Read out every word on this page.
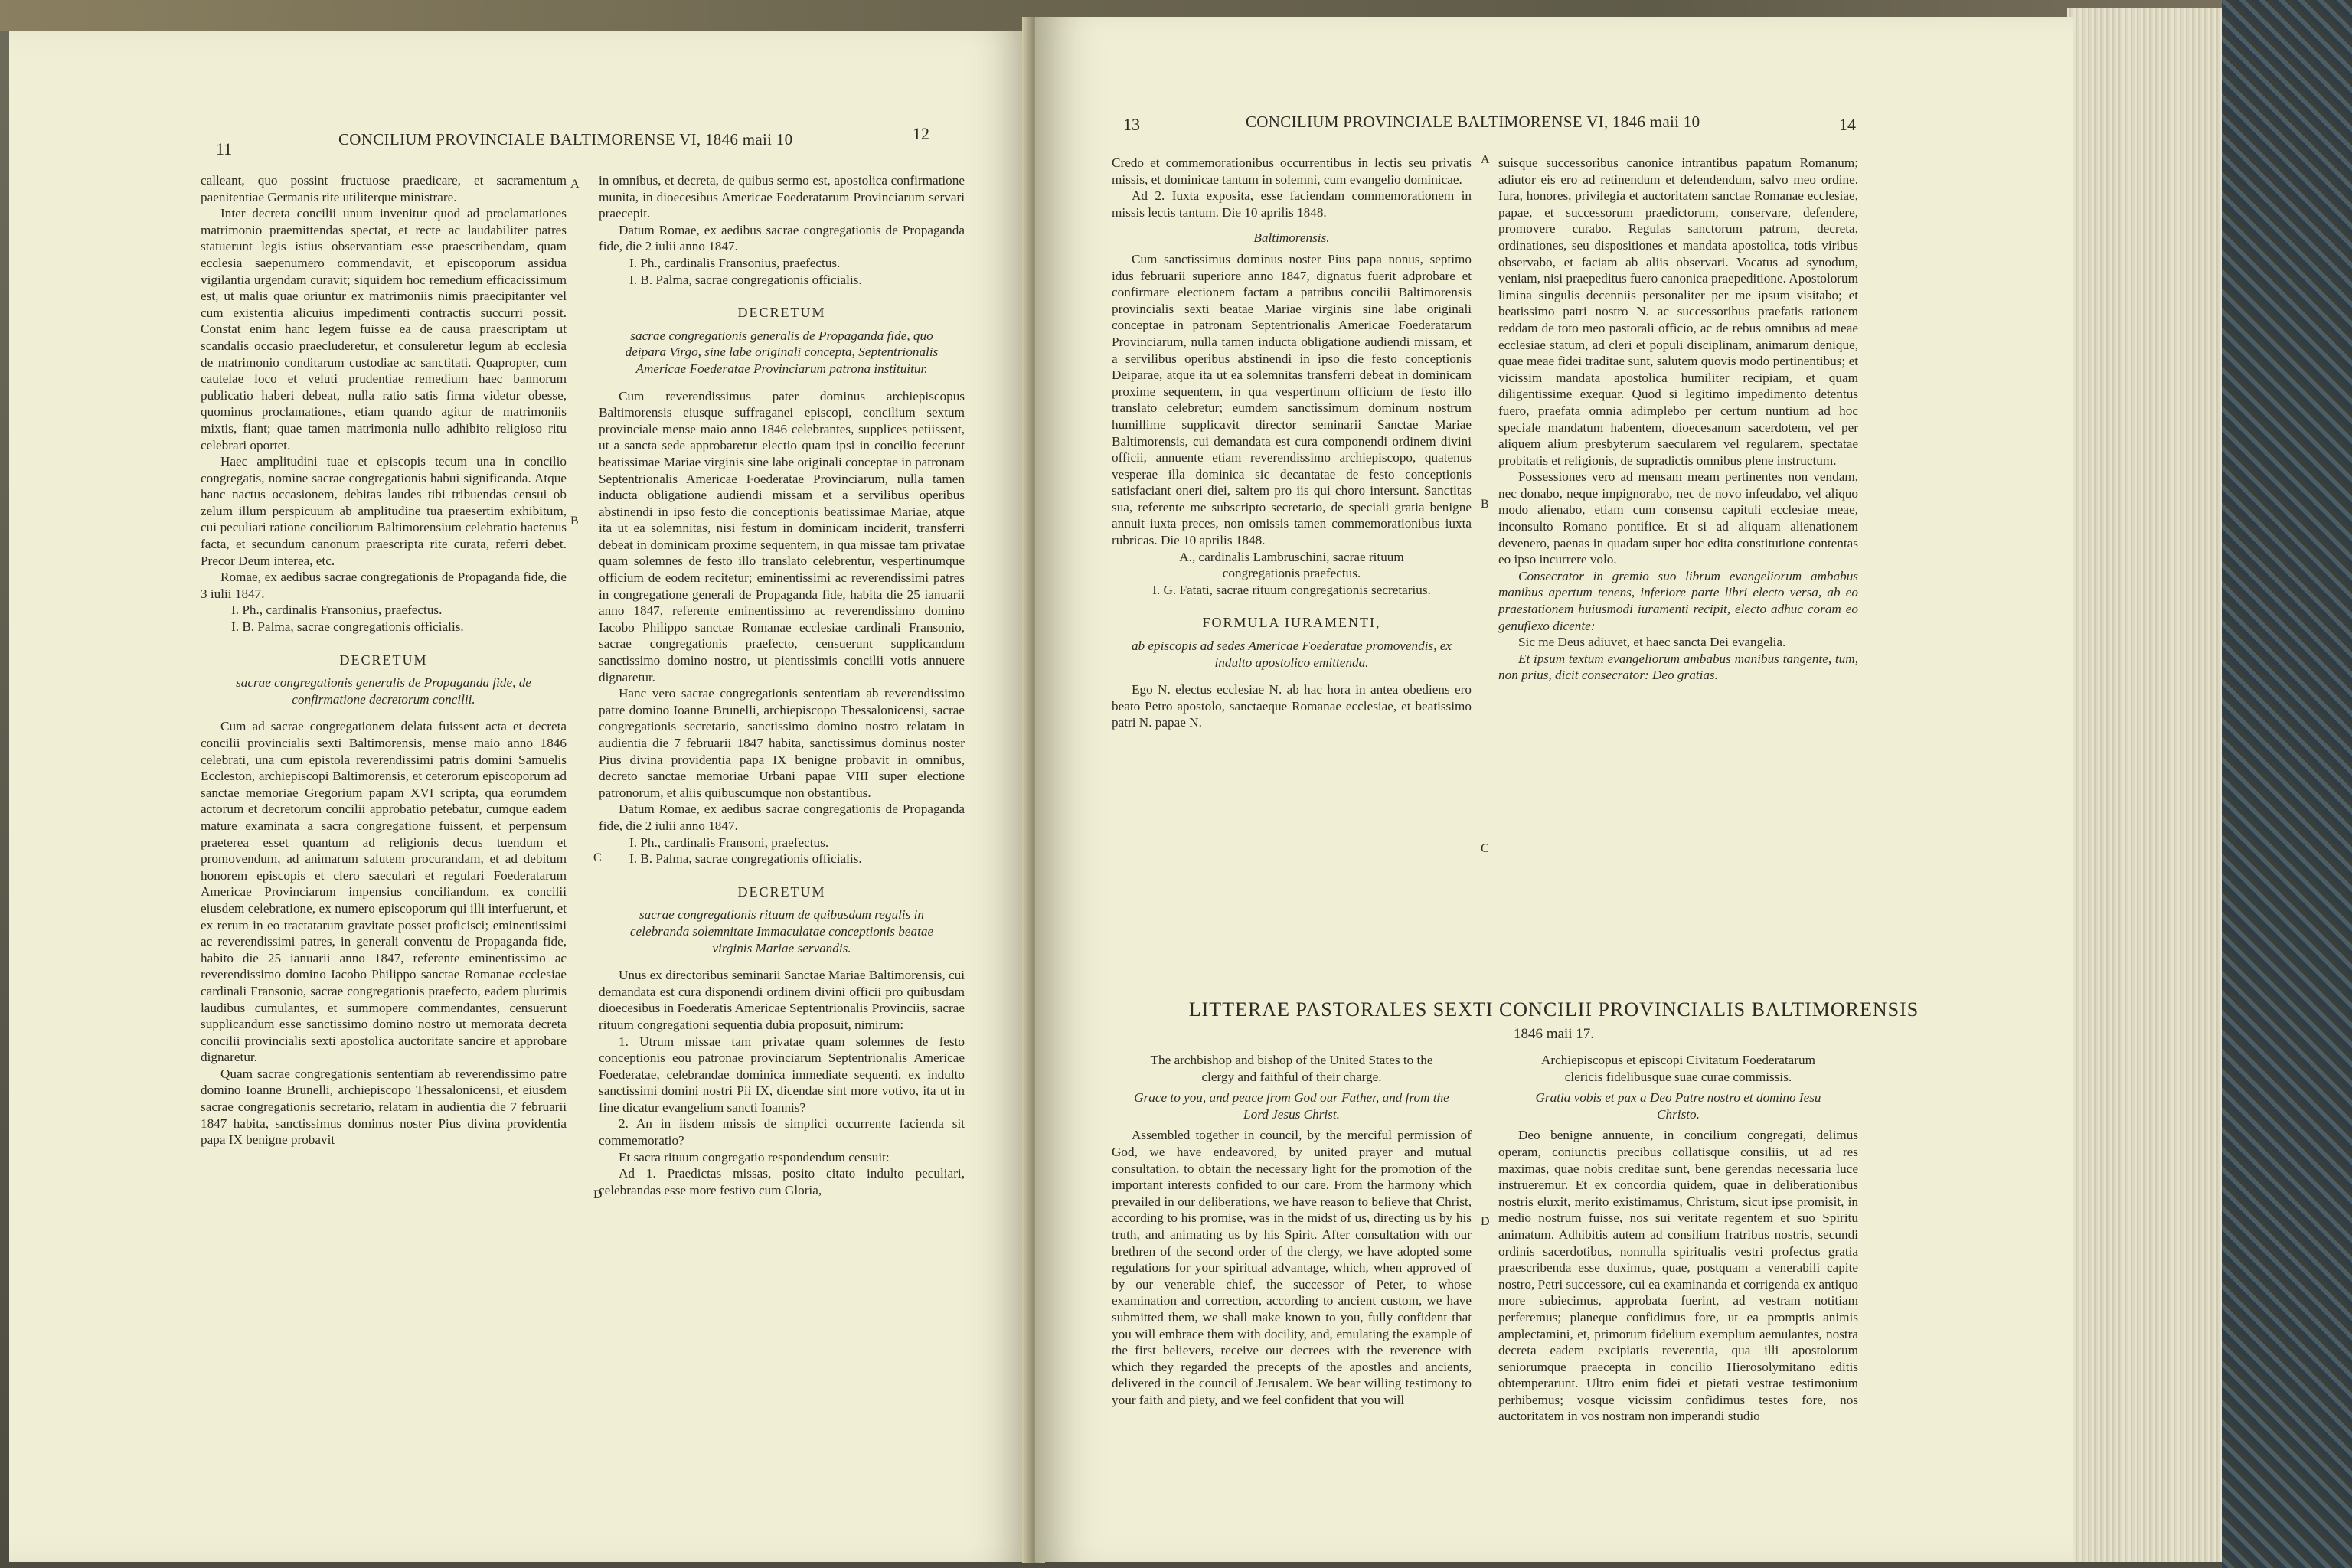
11	CONCILIUM PROVINCIALE BALTIMORENSE VI, 1846 maii 10	12
A
B
C
D

calleant, quo possint fructuose praedicare, et sacramentum paenitentiae Germanis rite utiliterque ministrare.

Inter decreta concilii unum invenitur quod ad proclamationes matrimonio praemittendas spectat, et recte ac laudabiliter patres statuerunt legis istius observantiam esse praescribendam, quam ecclesia saepenumero commendavit, et episcoporum assidua vigilantia urgendam curavit; siquidem hoc remedium efficacissimum est, ut malis quae oriuntur ex matrimoniis nimis praecipitanter vel cum existentia alicuius impedimenti contractis succurri possit. Constat enim hanc legem fuisse ea de causa praescriptam ut scandalis occasio praecluderetur, et consuleretur legum ab ecclesia de matrimonio conditarum custodiae ac sanctitati. Quapropter, cum cautelae loco et veluti prudentiae remedium haec bannorum publicatio haberi debeat, nulla ratio satis firma videtur obesse, quominus proclamationes, etiam quando agitur de matrimoniis mixtis, fiant; quae tamen matrimonia nullo adhibito religioso ritu celebrari oportet.

Haec amplitudini tuae et episcopis tecum una in concilio congregatis, nomine sacrae congregationis habui significanda. Atque hanc nactus occasionem, debitas laudes tibi tribuendas censui ob zelum illum perspicuum ab amplitudine tua praesertim exhibitum, cui peculiari ratione conciliorum Baltimorensium celebratio hactenus facta, et secundum canonum praescripta rite curata, referri debet. Precor Deum interea, etc.

Romae, ex aedibus sacrae congregationis de Propaganda fide, die 3 iulii 1847.

I. Ph., cardinalis Fransonius, praefectus.

I. B. Palma, sacrae congregationis officialis.

DECRETUM

sacrae congregationis generalis de Propaganda fide, de confirmatione decretorum concilii.

Cum ad sacrae congregationem delata fuissent acta et decreta concilii provincialis sexti Baltimorensis, mense maio anno 1846 celebrati, una cum epistola reverendissimi patris domini Samuelis Eccleston, archiepiscopi Baltimorensis, et ceterorum episcoporum ad sanctae memoriae Gregorium papam XVI scripta, qua eorumdem actorum et decretorum concilii approbatio petebatur, cumque eadem mature examinata a sacra congregatione fuissent, et perpensum praeterea esset quantum ad religionis decus tuendum et promovendum, ad animarum salutem procurandam, et ad debitum honorem episcopis et clero saeculari et regulari Foederatarum Americae Provinciarum impensius conciliandum, ex concilii eiusdem celebratione, ex numero episcoporum qui illi interfuerunt, et ex rerum in eo tractatarum gravitate posset proficisci; eminentissimi ac reverendissimi patres, in generali conventu de Propaganda fide, habito die 25 ianuarii anno 1847, referente eminentissimo ac reverendissimo domino Iacobo Philippo sanctae Romanae ecclesiae cardinali Fransonio, sacrae congregationis praefecto, eadem plurimis laudibus cumulantes, et summopere commendantes, censuerunt supplicandum esse sanctissimo domino nostro ut memorata decreta concilii provincialis sexti apostolica auctoritate sancire et approbare dignaretur.

Quam sacrae congregationis sententiam ab reverendissimo patre domino Ioanne Brunelli, archiepiscopo Thessalonicensi, et eiusdem sacrae congregationis secretario, relatam in audientia die 7 februarii 1847 habita, sanctissimus dominus noster Pius divina providentia papa IX benigne probavit

in omnibus, et decreta, de quibus sermo est, apostolica confirmatione munita, in dioecesibus Americae Foederatarum Provinciarum servari praecepit.

Datum Romae, ex aedibus sacrae congregationis de Propaganda fide, die 2 iulii anno 1847.

I. Ph., cardinalis Fransonius, praefectus.

I. B. Palma, sacrae congregationis officialis.

DECRETUM

sacrae congregationis generalis de Propaganda fide, quo deipara Virgo, sine labe originali concepta, Septentrionalis Americae Foederatae Provinciarum patrona instituitur.

Cum reverendissimus pater dominus archiepiscopus Baltimorensis eiusque suffraganei episcopi, concilium sextum provinciale mense maio anno 1846 celebrantes, supplices petiissent, ut a sancta sede approbaretur electio quam ipsi in concilio fecerunt beatissimae Mariae virginis sine labe originali conceptae in patronam Septentrionalis Americae Foederatae Provinciarum, nulla tamen inducta obligatione audiendi missam et a servilibus operibus abstinendi in ipso festo die conceptionis beatissimae Mariae, atque ita ut ea solemnitas, nisi festum in dominicam inciderit, transferri debeat in dominicam proxime sequentem, in qua missae tam privatae quam solemnes de festo illo translato celebrentur, vespertinumque officium de eodem recitetur; eminentissimi ac reverendissimi patres in congregatione generali de Propaganda fide, habita die 25 ianuarii anno 1847, referente eminentissimo ac reverendissimo domino Iacobo Philippo sanctae Romanae ecclesiae cardinali Fransonio, sacrae congregationis praefecto, censuerunt supplicandum sanctissimo domino nostro, ut pientissimis concilii votis annuere dignaretur.

Hanc vero sacrae congregationis sententiam ab reverendissimo patre domino Ioanne Brunelli, archiepiscopo Thessalonicensi, sacrae congregationis secretario, sanctissimo domino nostro relatam in audientia die 7 februarii 1847 habita, sanctissimus dominus noster Pius divina providentia papa IX benigne probavit in omnibus, decreto sanctae memoriae Urbani papae VIII super electione patronorum, et aliis quibuscumque non obstantibus.

Datum Romae, ex aedibus sacrae congregationis de Propaganda fide, die 2 iulii anno 1847.

I. Ph., cardinalis Fransoni, praefectus.

I. B. Palma, sacrae congregationis officialis.

DECRETUM

sacrae congregationis rituum de quibusdam regulis in celebranda solemnitate Immaculatae conceptionis beatae virginis Mariae servandis.

Unus ex directoribus seminarii Sanctae Mariae Baltimorensis, cui demandata est cura disponendi ordinem divini officii pro quibusdam dioecesibus in Foederatis Americae Septentrionalis Provinciis, sacrae rituum congregationi sequentia dubia proposuit, nimirum:

1. Utrum missae tam privatae quam solemnes de festo conceptionis eou patronae provinciarum Septentrionalis Americae Foederatae, celebrandae dominica immediate sequenti, ex indulto sanctissimi domini nostri Pii IX, dicendae sint more votivo, ita ut in fine dicatur evangelium sancti Ioannis?

2. An in iisdem missis de simplici occurrente facienda sit commemoratio?

Et sacra rituum congregatio respondendum censuit:

Ad 1. Praedictas missas, posito citato indulto peculiari, celebrandas esse more festivo cum Gloria,

13	CONCILIUM PROVINCIALE BALTIMORENSE VI, 1846 maii 10	14
A
B
C
D

Credo et commemorationibus occurrentibus in lectis seu privatis missis, et dominicae tantum in solemni, cum evangelio dominicae.

Ad 2. Iuxta exposita, esse faciendam commemorationem in missis lectis tantum. Die 10 aprilis 1848.

Baltimorensis.

Cum sanctissimus dominus noster Pius papa nonus, septimo idus februarii superiore anno 1847, dignatus fuerit adprobare et confirmare electionem factam a patribus concilii Baltimorensis provincialis sexti beatae Mariae virginis sine labe originali conceptae in patronam Septentrionalis Americae Foederatarum Provinciarum, nulla tamen inducta obligatione audiendi missam, et a servilibus operibus abstinendi in ipso die festo conceptionis Deiparae, atque ita ut ea solemnitas transferri debeat in dominicam proxime sequentem, in qua vespertinum officium de festo illo translato celebretur; eumdem sanctissimum dominum nostrum humillime supplicavit director seminarii Sanctae Mariae Baltimorensis, cui demandata est cura componendi ordinem divini officii, annuente etiam reverendissimo archiepiscopo, quatenus vesperae illa dominica sic decantatae de festo conceptionis satisfaciant oneri diei, saltem pro iis qui choro intersunt. Sanctitas sua, referente me subscripto secretario, de speciali gratia benigne annuit iuxta preces, non omissis tamen commemorationibus iuxta rubricas. Die 10 aprilis 1848.

A., cardinalis Lambruschini, sacrae rituum congregationis praefectus.

I. G. Fatati, sacrae rituum congregationis secretarius.

FORMULA IURAMENTI,

ab episcopis ad sedes Americae Foederatae promovendis, ex indulto apostolico emittenda.

Ego N. electus ecclesiae N. ab hac hora in antea obediens ero beato Petro apostolo, sanctaeque Romanae ecclesiae, et beatissimo patri N. papae N.

suisque successoribus canonice intrantibus papatum Romanum; adiutor eis ero ad retinendum et defendendum, salvo meo ordine. Iura, honores, privilegia et auctoritatem sanctae Romanae ecclesiae, papae, et successorum praedictorum, conservare, defendere, promovere curabo. Regulas sanctorum patrum, decreta, ordinationes, seu dispositiones et mandata apostolica, totis viribus observabo, et faciam ab aliis observari. Vocatus ad synodum, veniam, nisi praepeditus fuero canonica praepeditione. Apostolorum limina singulis decenniis personaliter per me ipsum visitabo; et beatissimo patri nostro N. ac successoribus praefatis rationem reddam de toto meo pastorali officio, ac de rebus omnibus ad meae ecclesiae statum, ad cleri et populi disciplinam, animarum denique, quae meae fidei traditae sunt, salutem quovis modo pertinentibus; et vicissim mandata apostolica humiliter recipiam, et quam diligentissime exequar. Quod si legitimo impedimento detentus fuero, praefata omnia adimplebo per certum nuntium ad hoc speciale mandatum habentem, dioecesanum sacerdotem, vel per aliquem alium presbyterum saecularem vel regularem, spectatae probitatis et religionis, de supradictis omnibus plene instructum.

Possessiones vero ad mensam meam pertinentes non vendam, nec donabo, neque impignorabo, nec de novo infeudabo, vel aliquo modo alienabo, etiam cum consensu capituli ecclesiae meae, inconsulto Romano pontifice. Et si ad aliquam alienationem devenero, paenas in quadam super hoc edita constitutione contentas eo ipso incurrere volo.

Consecrator in gremio suo librum evangeliorum ambabus manibus apertum tenens, inferiore parte libri electo versa, ab eo praestationem huiusmodi iuramenti recipit, electo adhuc coram eo genuflexo dicente:

Sic me Deus adiuvet, et haec sancta Dei evangelia.

Et ipsum textum evangeliorum ambabus manibus tangente, tum, non prius, dicit consecrator: Deo gratias.

LITTERAE PASTORALES SEXTI CONCILII PROVINCIALIS BALTIMORENSIS
1846 maii 17.

The archbishop and bishop of the United States to the clergy and faithful of their charge.

Grace to you, and peace from God our Father, and from the Lord Jesus Christ.

Assembled together in council, by the merciful permission of God, we have endeavored, by united prayer and mutual consultation, to obtain the necessary light for the promotion of the important interests confided to our care. From the harmony which prevailed in our deliberations, we have reason to believe that Christ, according to his promise, was in the midst of us, directing us by his truth, and animating us by his Spirit. After consultation with our brethren of the second order of the clergy, we have adopted some regulations for your spiritual advantage, which, when approved of by our venerable chief, the successor of Peter, to whose examination and correction, according to ancient custom, we have submitted them, we shall make known to you, fully confident that you will embrace them with docility, and, emulating the example of the first believers, receive our decrees with the reverence with which they regarded the precepts of the apostles and ancients, delivered in the council of Jerusalem. We bear willing testimony to your faith and piety, and we feel confident that you will

Archiepiscopus et episcopi Civitatum Foederatarum clericis fidelibusque suae curae commissis.

Gratia vobis et pax a Deo Patre nostro et domino Iesu Christo.

Deo benigne annuente, in concilium congregati, delimus operam, coniunctis precibus collatisque consiliis, ut ad res maximas, quae nobis creditae sunt, bene gerendas necessaria luce instrueremur. Et ex concordia quidem, quae in deliberationibus nostris eluxit, merito existimamus, Christum, sicut ipse promisit, in medio nostrum fuisse, nos sui veritate regentem et suo Spiritu animatum. Adhibitis autem ad consilium fratribus nostris, secundi ordinis sacerdotibus, nonnulla spiritualis vestri profectus gratia praescribenda esse duximus, quae, postquam a venerabili capite nostro, Petri successore, cui ea examinanda et corrigenda ex antiquo more subiecimus, approbata fuerint, ad vestram notitiam perferemus; planeque confidimus fore, ut ea promptis animis amplectamini, et, primorum fidelium exemplum aemulantes, nostra decreta eadem excipiatis reverentia, qua illi apostolorum seniorumque praecepta in concilio Hierosolymitano editis obtemperarunt. Ultro enim fidei et pietati vestrae testimonium perhibemus; vosque vicissim confidimus testes fore, nos auctoritatem in vos nostram non imperandi studio
